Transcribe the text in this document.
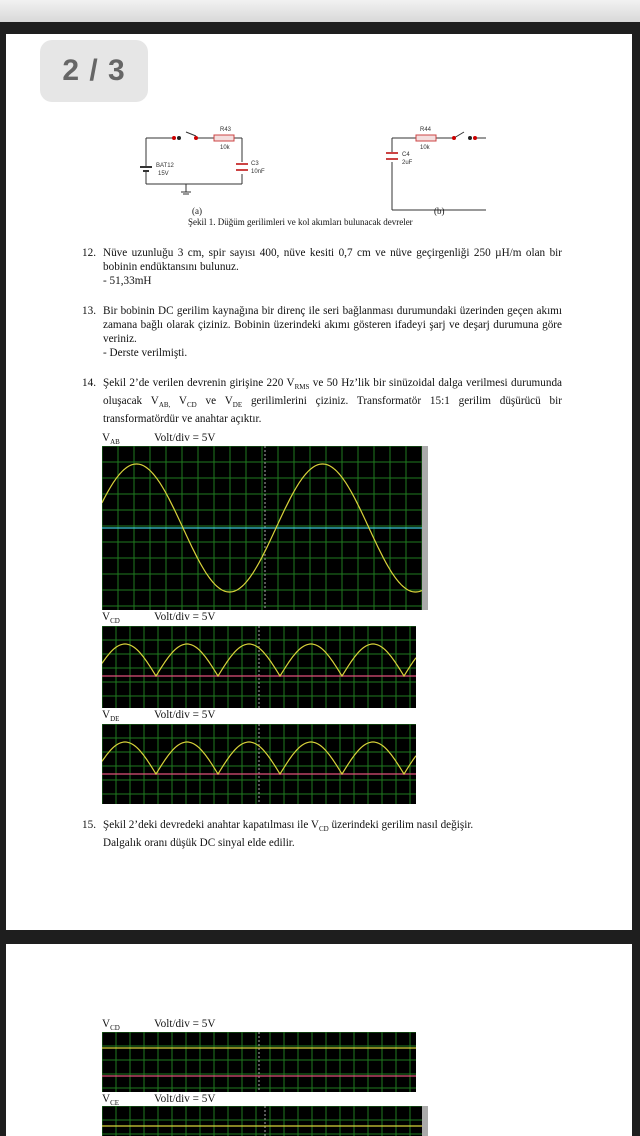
2 / 3
R43
10k
C3
10nF
BAT12
15V
R44
10k
C4
2uF
(a)	(b)
Şekil 1. Düğüm gerilimleri ve kol akımları bulunacak devreler
12. Nüve uzunluğu 3 cm, spir sayısı 400, nüve kesiti 0,7 cm ve nüve geçirgenliği 250 µH/m olan bir bobinin endüktansını bulunuz.
- 51,33mH
13. Bir bobinin DC gerilim kaynağına bir direnç ile seri bağlanması durumundaki üzerinden geçen akımı zamana bağlı olarak çiziniz. Bobinin üzerindeki akımı gösteren ifadeyi şarj ve deşarj durumuna göre veriniz.
- Derste verilmişti.
14. Şekil 2’de verilen devrenin girişine 220 $V_{RMS}$ ve 50 Hz’lik bir sinüzoidal dalga verilmesi durumunda oluşacak $V_{AB,}$ $V_{CD}$ ve $V_{DE}$ gerilimlerini çiziniz. Transformatör 15:1 gerilim düşürücü bir transformatördür ve anahtar açıktır.
$V_{AB}$	Volt/div = 5V
$V_{CD}$	Volt/div = 5V
$V_{DE}$	Volt/div = 5V
15. Şekil 2’deki devredeki anahtar kapatılması ile $V_{CD}$ üzerindeki gerilim nasıl değişir.
Dalgalık oranı düşük DC sinyal elde edilir.
$V_{CD}$	Volt/div = 5V
$V_{CE}$	Volt/div = 5V
